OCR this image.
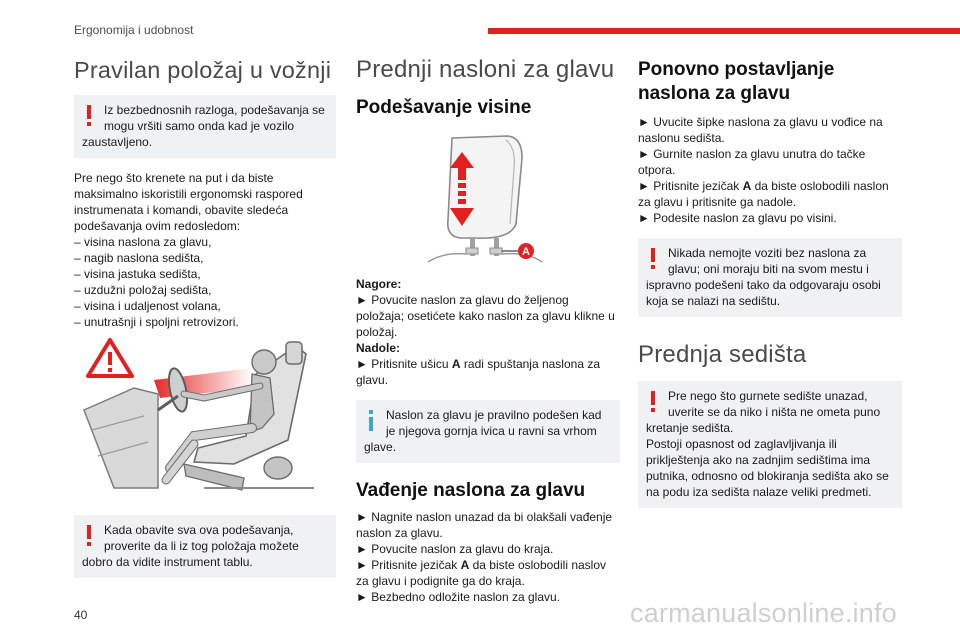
Ergonomija i udobnost
Pravilan položaj u vožnji
Iz bezbednosnih razloga, podešavanja se mogu vršiti samo onda kad je vozilo
zaustavljeno.
Pre nego što krenete na put i da biste maksimalno iskoristili ergonomski raspored instrumenata i komandi, obavite sledeća podešavanja ovim redosledom:
– visina naslona za glavu,
– nagib naslona sedišta,
– visina jastuka sedišta,
– uzdužni položaj sedišta,
– visina i udaljenost volana,
– unutrašnji i spoljni retrovizori.
Kada obavite sva ova podešavanja, proverite da li iz tog položaja možete
dobro da vidite instrument tablu.
Prednji nasloni za glavu
Podešavanje visine
A
Nagore:
► Povucite naslon za glavu do željenog položaja; osetićete kako naslon za glavu klikne u položaj.
Nadole:
► Pritisnite ušicu A radi spuštanja naslona za glavu.
Naslon za glavu je pravilno podešen kad je njegova gornja ivica u ravni sa vrhom
glave.
Vađenje naslona za glavu
► Nagnite naslon unazad da bi olakšali vađenje naslon za glavu.
► Povucite naslon za glavu do kraja.
► Pritisnite jezičak A da biste oslobodili naslov za glavu i podignite ga do kraja.
► Bezbedno odložite naslon za glavu.
Ponovno postavljanje naslona za glavu
► Uvucite šipke naslona za glavu u vođice na naslonu sedišta.
► Gurnite naslon za glavu unutra do tačke otpora.
► Pritisnite jezičak A da biste oslobodili naslon za glavu i pritisnite ga nadole.
► Podesite naslon za glavu po visini.
Nikada nemojte voziti bez naslona za glavu; oni moraju biti na svom mestu i
ispravno podešeni tako da odgovaraju osobi koja se nalazi na sedištu.
Prednja sedišta
Pre nego što gurnete sedište unazad, uverite se da niko i ništa ne ometa puno
kretanje sedišta.
Postoji opasnost od zaglavljivanja ili priklještenja ako na zadnjim sedištima ima putnika, odnosno od blokiranja sedišta ako se na podu iza sedišta nalaze veliki predmeti.
40	carmanualsonline.info
